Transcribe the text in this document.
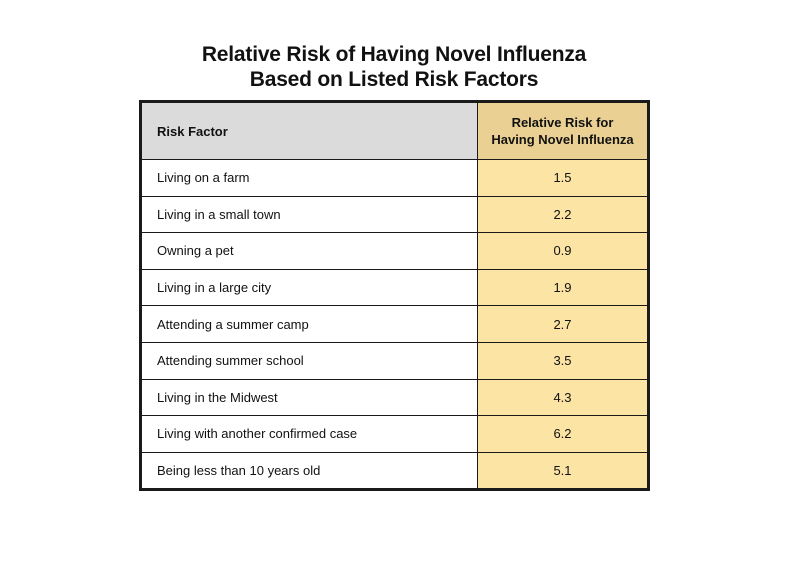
Relative Risk of Having Novel Influenza
Based on Listed Risk Factors
Risk Factor	Relative Risk for
Having Novel Influenza

Living on a farm	1.5
Living in a small town	2.2
Owning a pet	0.9
Living in a large city	1.9
Attending a summer camp	2.7
Attending summer school	3.5
Living in the Midwest	4.3
Living with another confirmed case	6.2
Being less than 10 years old	5.1
